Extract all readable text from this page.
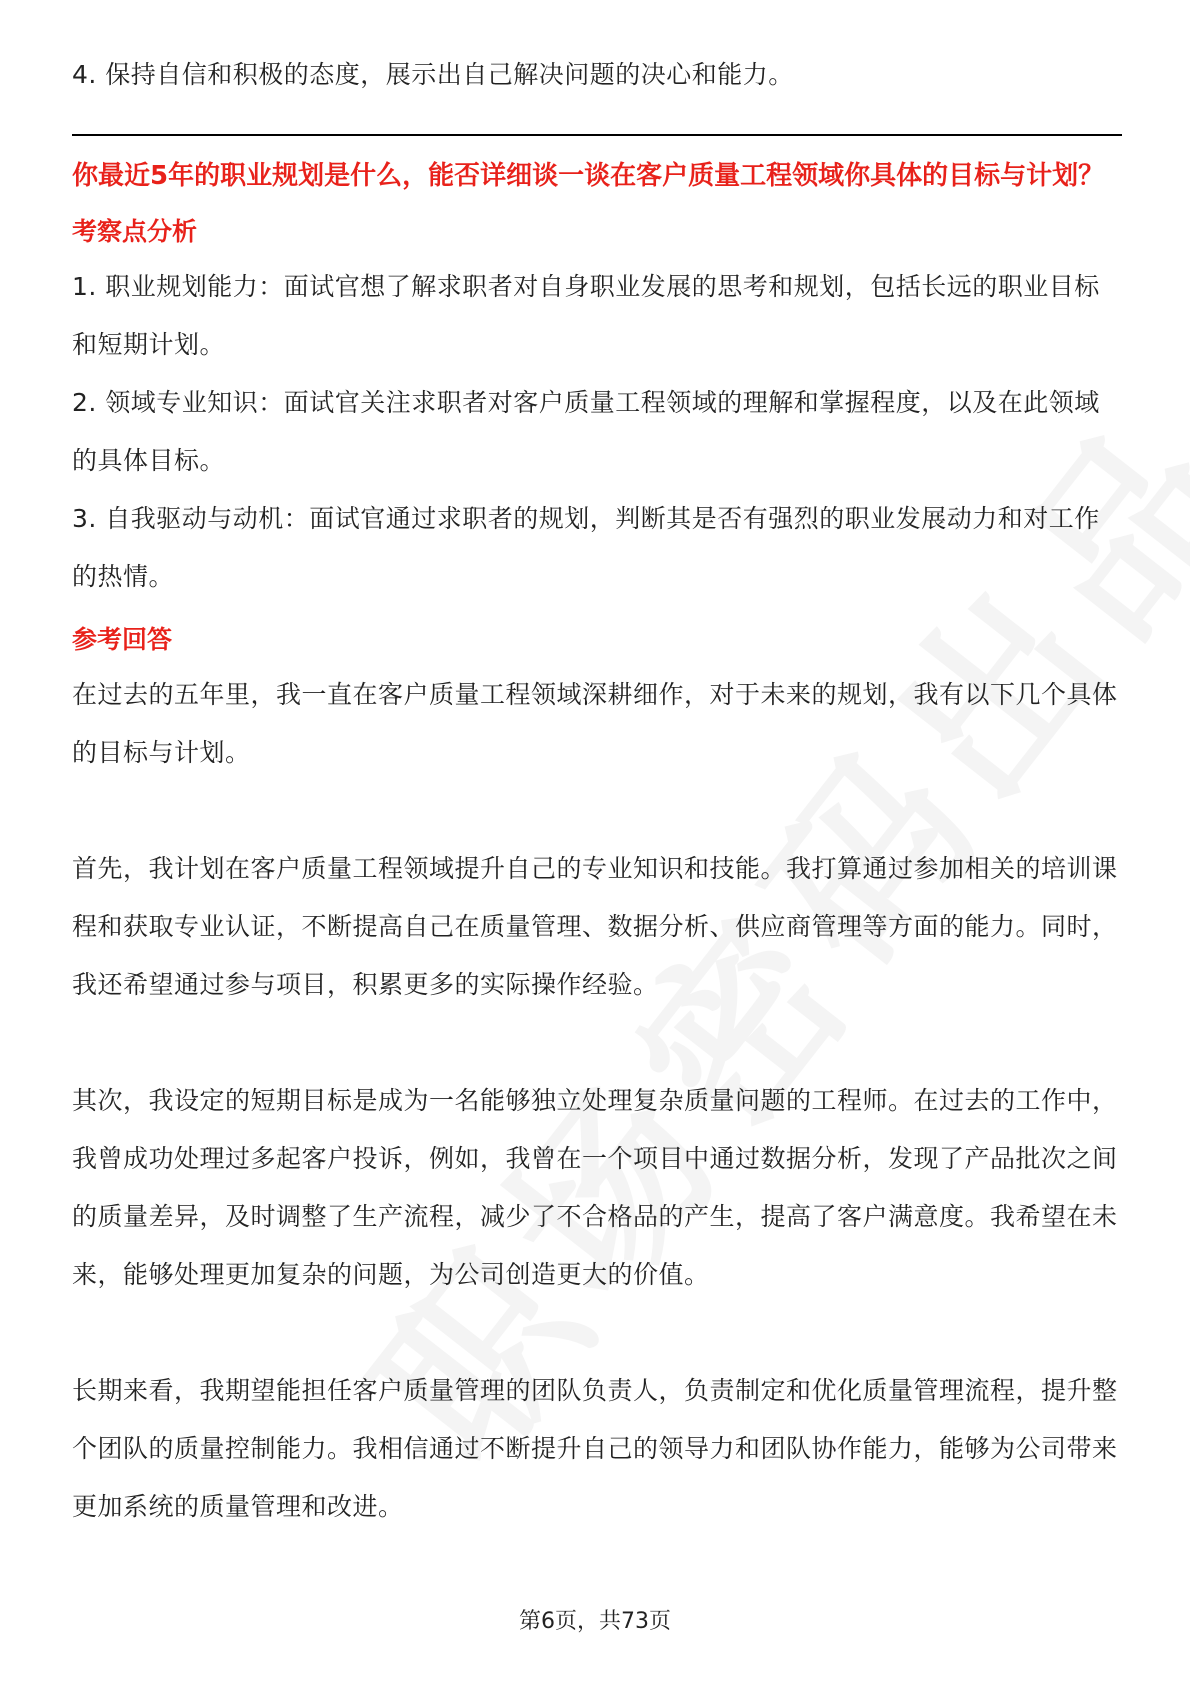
4. 保持自信和积极的态度，展示出自己解决问题的决心和能力。

你最近5年的职业规划是什么，能否详细谈一谈在客户质量工程领域你具体的目标与计划？

考察点分析

1. 职业规划能力：面试官想了解求职者对自身职业发展的思考和规划，包括长远的职业目标和短期计划。

2. 领域专业知识：面试官关注求职者对客户质量工程领域的理解和掌握程度，以及在此领域的具体目标。

3. 自我驱动与动机：面试官通过求职者的规划，判断其是否有强烈的职业发展动力和对工作的热情。

参考回答

在过去的五年里，我一直在客户质量工程领域深耕细作，对于未来的规划，我有以下几个具体的目标与计划。

首先，我计划在客户质量工程领域提升自己的专业知识和技能。我打算通过参加相关的培训课程和获取专业认证，不断提高自己在质量管理、数据分析、供应商管理等方面的能力。同时，我还希望通过参与项目，积累更多的实际操作经验。

其次，我设定的短期目标是成为一名能够独立处理复杂质量问题的工程师。在过去的工作中，我曾成功处理过多起客户投诉，例如，我曾在一个项目中通过数据分析，发现了产品批次之间的质量差异，及时调整了生产流程，减少了不合格品的产生，提高了客户满意度。我希望在未来，能够处理更加复杂的问题，为公司创造更大的价值。

长期来看，我期望能担任客户质量管理的团队负责人，负责制定和优化质量管理流程，提升整个团队的质量控制能力。我相信通过不断提升自己的领导力和团队协作能力，能够为公司带来更加系统的质量管理和改进。

第6页，共73页
